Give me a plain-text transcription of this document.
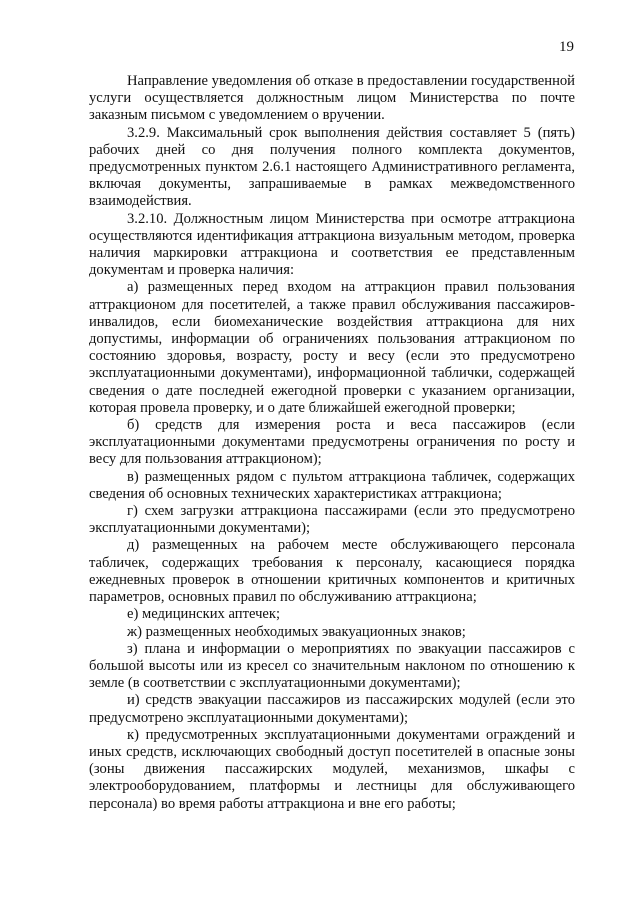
19

Направление уведомления об отказе в предоставлении государственной услуги осуществляется должностным лицом Министерства по почте заказным письмом с уведомлением о вручении.

3.2.9. Максимальный срок выполнения действия составляет 5 (пять) рабочих дней со дня получения полного комплекта документов, предусмотренных пунктом 2.6.1 настоящего Административного регламента, включая документы, запрашиваемые в рамках межведомственного взаимодействия.

3.2.10. Должностным лицом Министерства при осмотре аттракциона осуществляются идентификация аттракциона визуальным методом, проверка наличия маркировки аттракциона и соответствия ее представленным документам и проверка наличия:

а) размещенных перед входом на аттракцион правил пользования аттракционом для посетителей, а также правил обслуживания пассажиров-инвалидов, если биомеханические воздействия аттракциона для них допустимы, информации об ограничениях пользования аттракционом по состоянию здоровья, возрасту, росту и весу (если это предусмотрено эксплуатационными документами), информационной таблички, содержащей сведения о дате последней ежегодной проверки с указанием организации, которая провела проверку, и о дате ближайшей ежегодной проверки;

б) средств для измерения роста и веса пассажиров (если эксплуатационными документами предусмотрены ограничения по росту и весу для пользования аттракционом);

в) размещенных рядом с пультом аттракциона табличек, содержащих сведения об основных технических характеристиках аттракциона;

г) схем загрузки аттракциона пассажирами (если это предусмотрено эксплуатационными документами);

д) размещенных на рабочем месте обслуживающего персонала табличек, содержащих требования к персоналу, касающиеся порядка ежедневных проверок в отношении критичных компонентов и критичных параметров, основных правил по обслуживанию аттракциона;

е) медицинских аптечек;

ж) размещенных необходимых эвакуационных знаков;

з) плана и информации о мероприятиях по эвакуации пассажиров с большой высоты или из кресел со значительным наклоном по отношению к земле (в соответствии с эксплуатационными документами);

и) средств эвакуации пассажиров из пассажирских модулей (если это предусмотрено эксплуатационными документами);

к) предусмотренных эксплуатационными документами ограждений и иных средств, исключающих свободный доступ посетителей в опасные зоны (зоны движения пассажирских модулей, механизмов, шкафы с электрооборудованием, платформы и лестницы для обслуживающего персонала) во время работы аттракциона и вне его работы;
